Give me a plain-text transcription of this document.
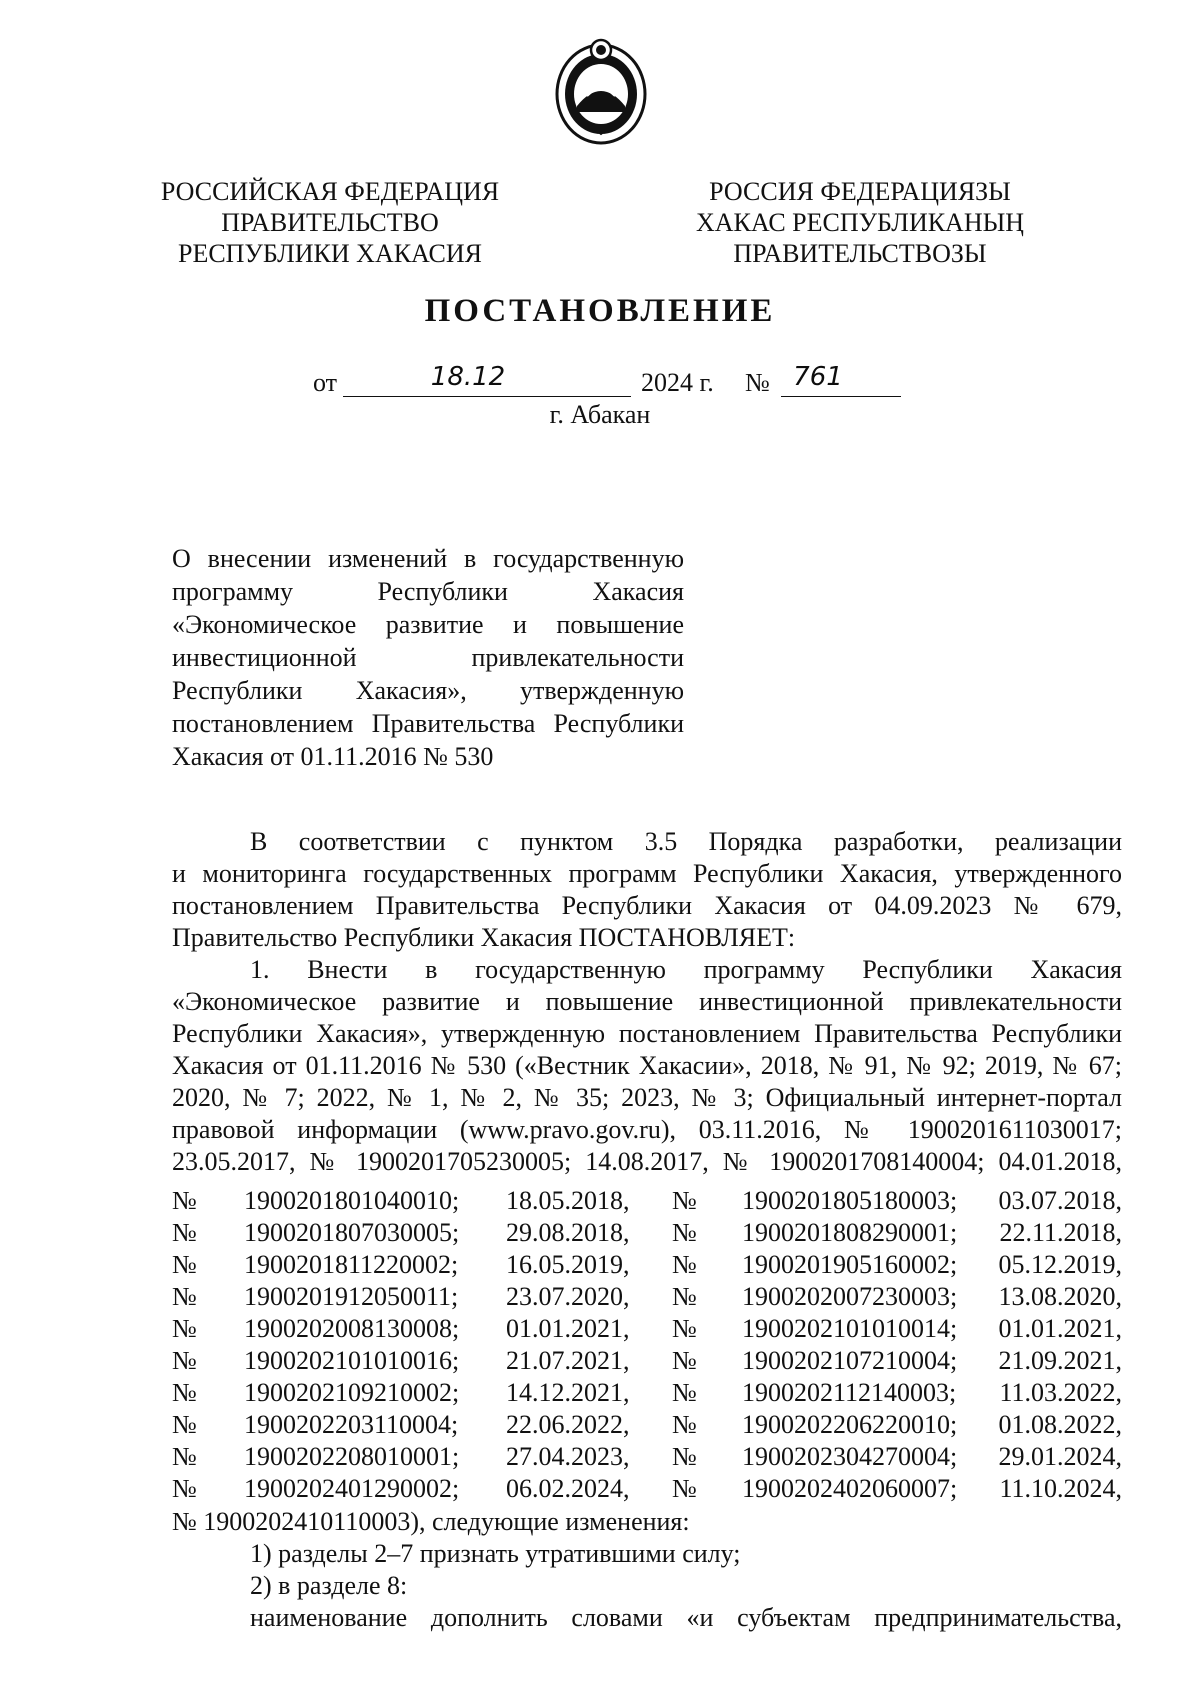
РОССИЙСКАЯ ФЕДЕРАЦИЯ
ПРАВИТЕЛЬСТВО
РЕСПУБЛИКИ ХАКАСИЯ
РОССИЯ ФЕДЕРАЦИЯЗЫ
ХАКАС РЕСПУБЛИКАНЫҢ
ПРАВИТЕЛЬСТВОЗЫ
ПОСТАНОВЛЕНИЕ
от	18.12	2024 г. № 761
г. Абакан
О внесении изменений в государственную
программу Республики Хакасия
«Экономическое развитие и повышение
инвестиционной привлекательности
Республики Хакасия», утвержденную
постановлением Правительства Республики
Хакасия от 01.11.2016 № 530
В соответствии с пунктом 3.5 Порядка разработки, реализации
и мониторинга государственных программ Республики Хакасия, утвержденного
постановлением Правительства Республики Хакасия от 04.09.2023 № 679,
Правительство Республики Хакасия ПОСТАНОВЛЯЕТ:
1. Внести в государственную программу Республики Хакасия
«Экономическое развитие и повышение инвестиционной привлекательности
Республики Хакасия», утвержденную постановлением Правительства Республики
Хакасия от 01.11.2016 № 530 («Вестник Хакасии», 2018, № 91, № 92; 2019, № 67;
2020, № 7; 2022, № 1, № 2, № 35; 2023, № 3; Официальный интернет-портал
правовой информации (www.pravo.gov.ru), 03.11.2016, № 1900201611030017;
23.05.2017, № 1900201705230005; 14.08.2017, № 1900201708140004; 04.01.2018,
№ 1900201801040010; 18.05.2018, № 1900201805180003; 03.07.2018,
№ 1900201807030005; 29.08.2018, № 1900201808290001; 22.11.2018,
№ 1900201811220002; 16.05.2019, № 1900201905160002; 05.12.2019,
№ 1900201912050011; 23.07.2020, № 1900202007230003; 13.08.2020,
№ 1900202008130008; 01.01.2021, № 1900202101010014; 01.01.2021,
№ 1900202101010016; 21.07.2021, № 1900202107210004; 21.09.2021,
№ 1900202109210002; 14.12.2021, № 1900202112140003; 11.03.2022,
№ 1900202203110004; 22.06.2022, № 1900202206220010; 01.08.2022,
№ 1900202208010001; 27.04.2023, № 1900202304270004; 29.01.2024,
№ 1900202401290002; 06.02.2024, № 1900202402060007; 11.10.2024,
№ 1900202410110003), следующие изменения:
1) разделы 2–7 признать утратившими силу;
2) в разделе 8:
наименование дополнить словами «и субъектам предпринимательства,
